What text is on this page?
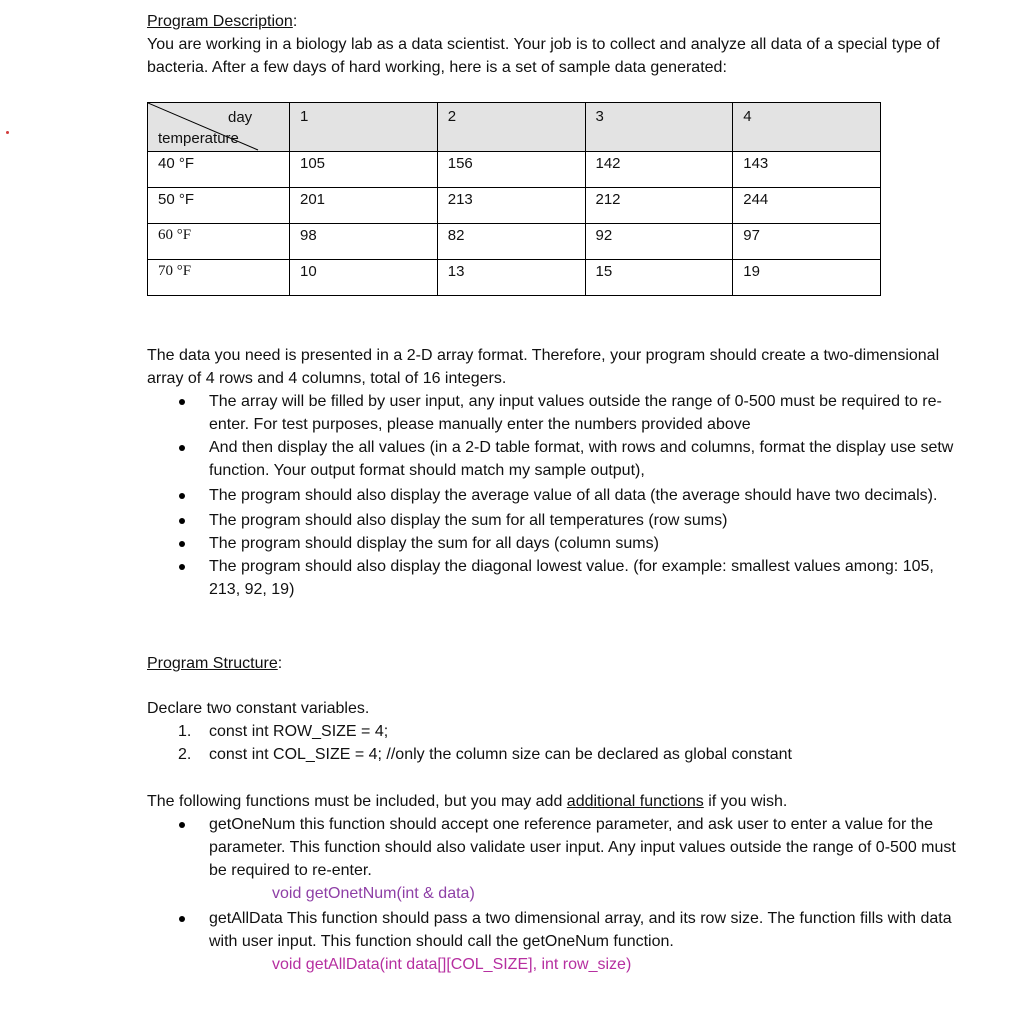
Program Description:

You are working in a biology lab as a data scientist. Your job is to collect and analyze all data of a special type of bacteria. After a few days of hard working, here is a set of sample data generated:

day
temperature	1	2	3	4
40 °F	105	156	142	143
50 °F	201	213	212	244
60 °F	98	82	92	97
70 °F	10	13	15	19

The data you need is presented in a 2-D array format. Therefore, your program should create a two-dimensional array of 4 rows and 4 columns, total of 16 integers.

The array will be filled by user input, any input values outside the range of 0-500 must be required to re-enter. For test purposes, please manually enter the numbers provided above
And then display the all values (in a 2-D table format, with rows and columns, format the display use setw function. Your output format should match my sample output),
The program should also display the average value of all data (the average should have two decimals).
The program should also display the sum for all temperatures (row sums)
The program should display the sum for all days (column sums)
The program should also display the diagonal lowest value. (for example: smallest values among: 105, 213, 92, 19)

Program Structure:

Declare two constant variables.

1. const int ROW_SIZE = 4;
2. const int COL_SIZE = 4; //only the column size can be declared as global constant

The following functions must be included, but you may add additional functions if you wish.

getOneNum this function should accept one reference parameter, and ask user to enter a value for the parameter. This function should also validate user input. Any input values outside the range of 0-500 must be required to re-enter.

void getOnetNum(int & data)

getAllData This function should pass a two dimensional array, and its row size. The function fills with data with user input. This function should call the getOneNum function.

void getAllData(int data[][COL_SIZE], int row_size)
